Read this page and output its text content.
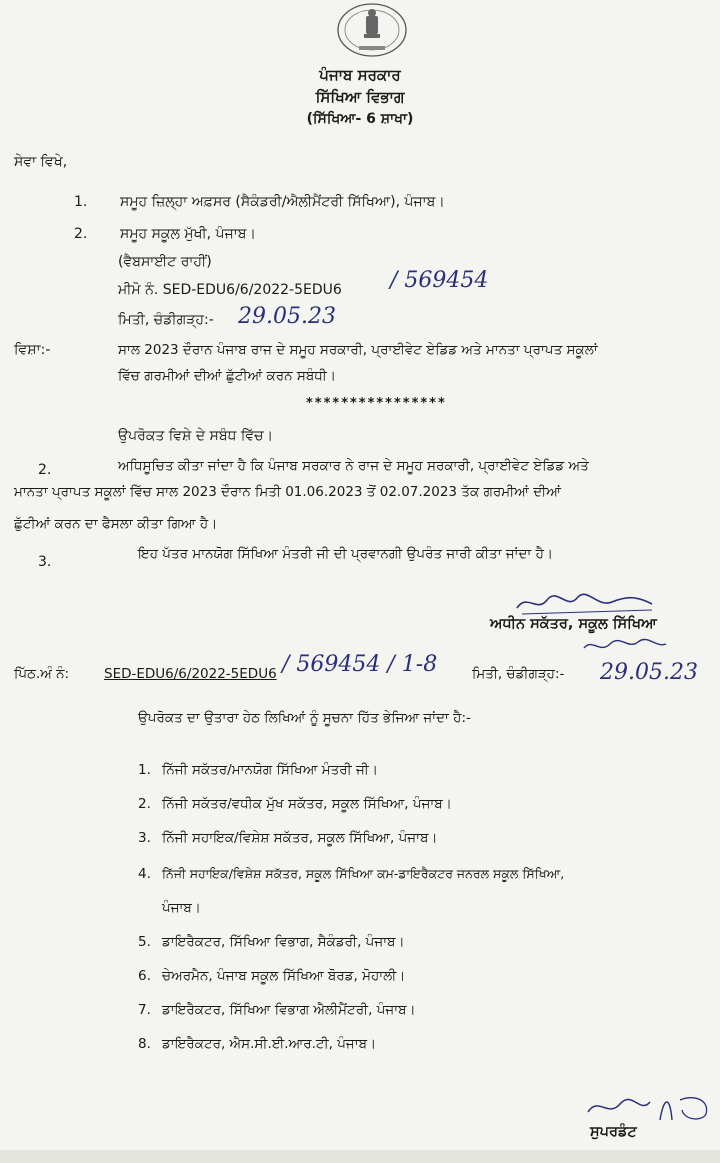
ਪੰਜਾਬ ਸਰਕਾਰ
ਸਿੱਖਿਆ ਵਿਭਾਗ
(ਸਿੱਖਿਆ- 6 ਸ਼ਾਖਾ)
ਸੇਵਾ ਵਿਖੇ,
1. ਸਮੂਹ ਜ਼ਿਲ੍ਹਾ ਅਫ਼ਸਰ (ਸੈਕੰਡਰੀ/ਐਲੀਮੈਂਟਰੀ ਸਿੱਖਿਆ), ਪੰਜਾਬ।
2. ਸਮੂਹ ਸਕੂਲ ਮੁੱਖੀ, ਪੰਜਾਬ।
(ਵੈਬਸਾਈਟ ਰਾਹੀਂ)
ਮੀਮੋ ਨੰ. SED-EDU6/6/2022-5EDU6 / 569454
ਮਿਤੀ, ਚੰਡੀਗੜ੍ਹ:- 29.05.23
ਵਿਸ਼ਾ:-	ਸਾਲ 2023 ਦੌਰਾਨ ਪੰਜਾਬ ਰਾਜ ਦੇ ਸਮੂਹ ਸਰਕਾਰੀ, ਪ੍ਰਾਈਵੇਟ ਏਡਿਡ ਅਤੇ ਮਾਨਤਾ ਪ੍ਰਾਪਤ ਸਕੂਲਾਂ
ਵਿੱਚ ਗਰਮੀਆਂ ਦੀਆਂ ਛੁੱਟੀਆਂ ਕਰਨ ਸਬੰਧੀ।
****************
ਉਪਰੋਕਤ ਵਿਸ਼ੇ ਦੇ ਸਬੰਧ ਵਿੱਚ।
2.	ਅਧਿਸੂਚਿਤ ਕੀਤਾ ਜਾਂਦਾ ਹੈ ਕਿ ਪੰਜਾਬ ਸਰਕਾਰ ਨੇ ਰਾਜ ਦੇ ਸਮੂਹ ਸਰਕਾਰੀ, ਪ੍ਰਾਈਵੇਟ ਏਡਿਡ ਅਤੇ
ਮਾਨਤਾ ਪ੍ਰਾਪਤ ਸਕੂਲਾਂ ਵਿੱਚ ਸਾਲ 2023 ਦੌਰਾਨ ਮਿਤੀ 01.06.2023 ਤੋਂ 02.07.2023 ਤੱਕ ਗਰਮੀਆਂ ਦੀਆਂ
ਛੁੱਟੀਆਂ ਕਰਨ ਦਾ ਫੈਸਲਾ ਕੀਤਾ ਗਿਆ ਹੈ।
3.	ਇਹ ਪੱਤਰ ਮਾਨਯੋਗ ਸਿੱਖਿਆ ਮੰਤਰੀ ਜੀ ਦੀ ਪ੍ਰਵਾਨਗੀ ਉਪਰੰਤ ਜਾਰੀ ਕੀਤਾ ਜਾਂਦਾ ਹੈ।
ਅਧੀਨ ਸਕੱਤਰ, ਸਕੂਲ ਸਿੱਖਿਆ
ਪਿੱਠ.ਅੰ ਨੰ:	SED-EDU6/6/2022-5EDU6 / 569454 / 1-8	ਮਿਤੀ, ਚੰਡੀਗੜ੍ਹ:- 29.05.23
ਉਪਰੋਕਤ ਦਾ ਉਤਾਰਾ ਹੇਠ ਲਿਖਿਆਂ ਨੂੰ ਸੂਚਨਾ ਹਿੱਤ ਭੇਜਿਆ ਜਾਂਦਾ ਹੈ:-
1. ਨਿੱਜੀ ਸਕੱਤਰ/ਮਾਨਯੋਗ ਸਿੱਖਿਆ ਮੰਤਰੀ ਜੀ।
2. ਨਿੱਜੀ ਸਕੱਤਰ/ਵਧੀਕ ਮੁੱਖ ਸਕੱਤਰ, ਸਕੂਲ ਸਿੱਖਿਆ, ਪੰਜਾਬ।
3. ਨਿੱਜੀ ਸਹਾਇਕ/ਵਿਸ਼ੇਸ਼ ਸਕੱਤਰ, ਸਕੂਲ ਸਿੱਖਿਆ, ਪੰਜਾਬ।
4. ਨਿੱਜੀ ਸਹਾਇਕ/ਵਿਸ਼ੇਸ਼ ਸਕੱਤਰ, ਸਕੂਲ ਸਿੱਖਿਆ ਕਮ-ਡਾਇਰੈਕਟਰ ਜਨਰਲ ਸਕੂਲ ਸਿੱਖਿਆ,
ਪੰਜਾਬ।
5. ਡਾਇਰੈਕਟਰ, ਸਿੱਖਿਆ ਵਿਭਾਗ, ਸੈਕੰਡਰੀ, ਪੰਜਾਬ।
6. ਚੇਅਰਮੈਨ, ਪੰਜਾਬ ਸਕੂਲ ਸਿੱਖਿਆ ਬੋਰਡ, ਮੋਹਾਲੀ।
7. ਡਾਇਰੈਕਟਰ, ਸਿੱਖਿਆ ਵਿਭਾਗ ਐਲੀਮੈਂਟਰੀ, ਪੰਜਾਬ।
8. ਡਾਇਰੈਕਟਰ, ਐਸ.ਸੀ.ਈ.ਆਰ.ਟੀ, ਪੰਜਾਬ।
ਸੁਪਰਡੰਟ
